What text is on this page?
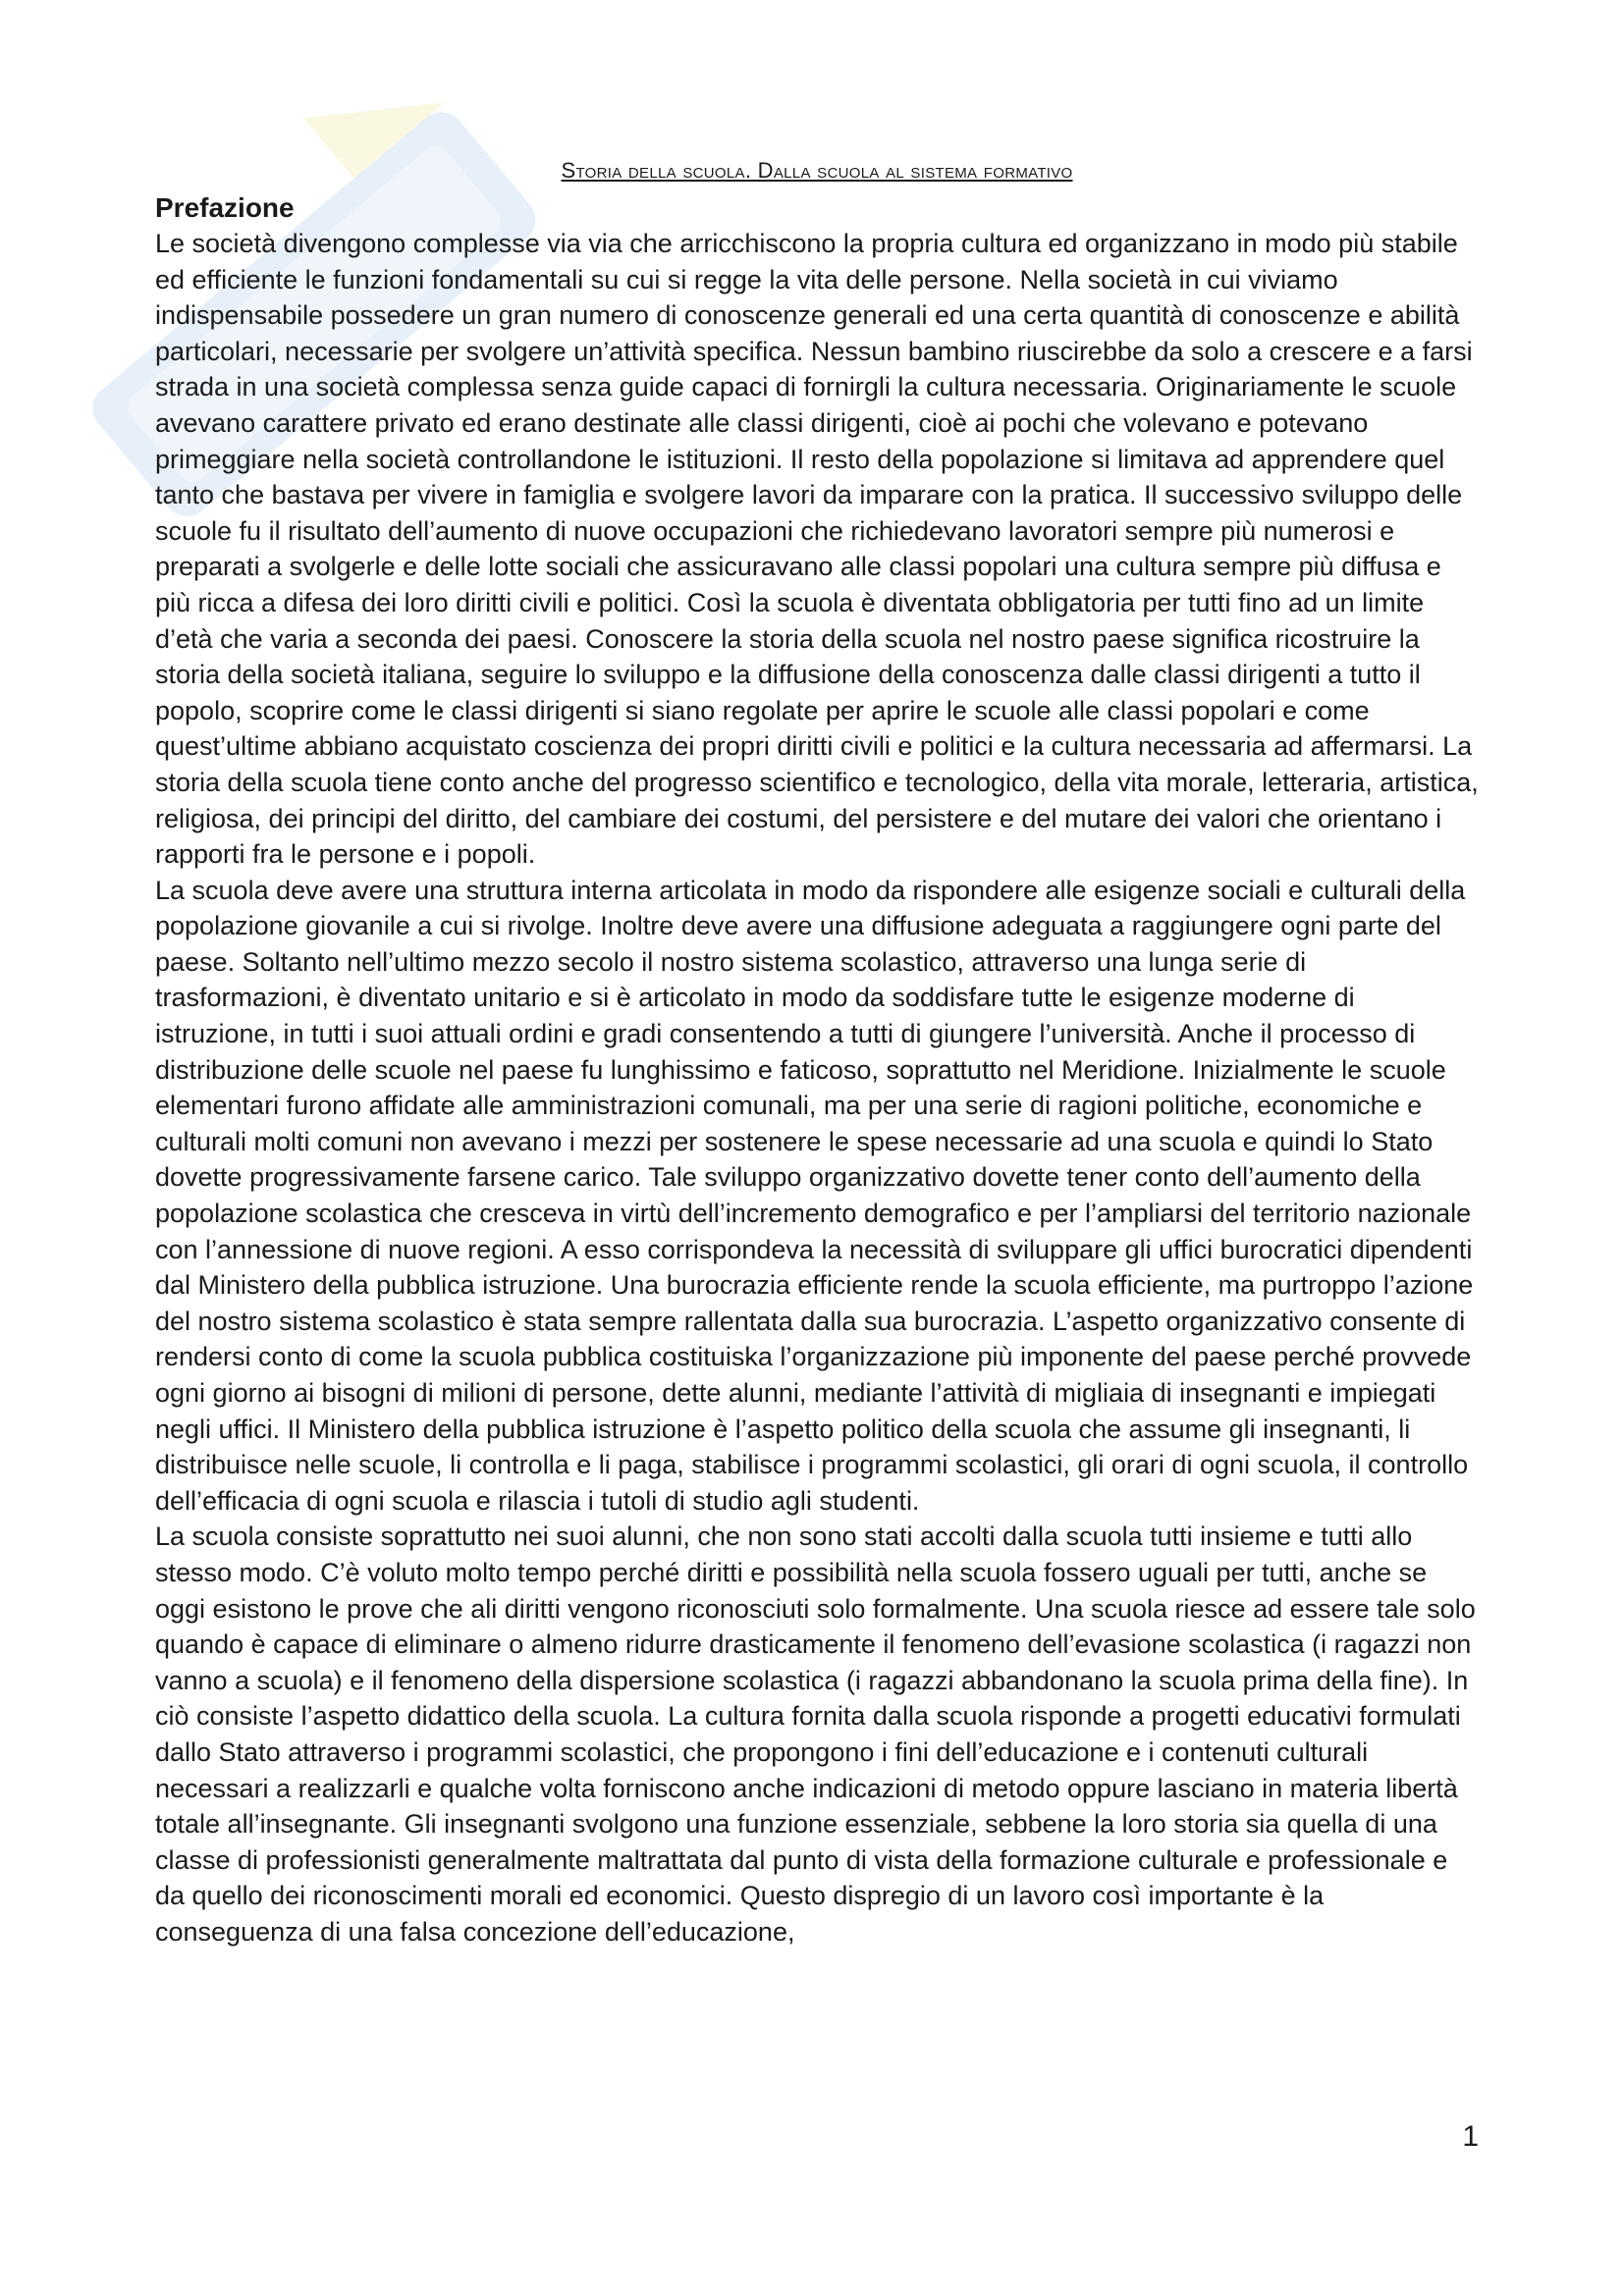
Storia della scuola. Dalla scuola al sistema formativo
Prefazione

Le società divengono complesse via via che arricchiscono la propria cultura ed organizzano in modo più stabile ed efficiente le funzioni fondamentali su cui si regge la vita delle persone. Nella società in cui viviamo indispensabile possedere un gran numero di conoscenze generali ed una certa quantità di conoscenze e abilità particolari, necessarie per svolgere un’attività specifica. Nessun bambino riuscirebbe da solo a crescere e a farsi strada in una società complessa senza guide capaci di fornirgli la cultura necessaria. Originariamente le scuole avevano carattere privato ed erano destinate alle classi dirigenti, cioè ai pochi che volevano e potevano primeggiare nella società controllandone le istituzioni. Il resto della popolazione si limitava ad apprendere quel tanto che bastava per vivere in famiglia e svolgere lavori da imparare con la pratica. Il successivo sviluppo delle scuole fu il risultato dell’aumento di nuove occupazioni che richiedevano lavoratori sempre più numerosi e preparati a svolgerle e delle lotte sociali che assicuravano alle classi popolari una cultura sempre più diffusa e più ricca a difesa dei loro diritti civili e politici. Così la scuola è diventata obbligatoria per tutti fino ad un limite d’età che varia a seconda dei paesi. Conoscere la storia della scuola nel nostro paese significa ricostruire la storia della società italiana, seguire lo sviluppo e la diffusione della conoscenza dalle classi dirigenti a tutto il popolo, scoprire come le classi dirigenti si siano regolate per aprire le scuole alle classi popolari e come quest’ultime abbiano acquistato coscienza dei propri diritti civili e politici e la cultura necessaria ad affermarsi. La storia della scuola tiene conto anche del progresso scientifico e tecnologico, della vita morale, letteraria, artistica, religiosa, dei principi del diritto, del cambiare dei costumi, del persistere e del mutare dei valori che orientano i rapporti fra le persone e i popoli.

La scuola deve avere una struttura interna articolata in modo da rispondere alle esigenze sociali e culturali della popolazione giovanile a cui si rivolge. Inoltre deve avere una diffusione adeguata a raggiungere ogni parte del paese. Soltanto nell’ultimo mezzo secolo il nostro sistema scolastico, attraverso una lunga serie di trasformazioni, è diventato unitario e si è articolato in modo da soddisfare tutte le esigenze moderne di istruzione, in tutti i suoi attuali ordini e gradi consentendo a tutti di giungere l’università. Anche il processo di distribuzione delle scuole nel paese fu lunghissimo e faticoso, soprattutto nel Meridione. Inizialmente le scuole elementari furono affidate alle amministrazioni comunali, ma per una serie di ragioni politiche, economiche e culturali molti comuni non avevano i mezzi per sostenere le spese necessarie ad una scuola e quindi lo Stato dovette progressivamente farsene carico. Tale sviluppo organizzativo dovette tener conto dell’aumento della popolazione scolastica che cresceva in virtù dell’incremento demografico e per l’ampliarsi del territorio nazionale con l’annessione di nuove regioni. A esso corrispondeva la necessità di sviluppare gli uffici burocratici dipendenti dal Ministero della pubblica istruzione. Una burocrazia efficiente rende la scuola efficiente, ma purtroppo l’azione del nostro sistema scolastico è stata sempre rallentata dalla sua burocrazia. L’aspetto organizzativo consente di rendersi conto di come la scuola pubblica costituiska l’organizzazione più imponente del paese perché provvede ogni giorno ai bisogni di milioni di persone, dette alunni, mediante l’attività di migliaia di insegnanti e impiegati negli uffici. Il Ministero della pubblica istruzione è l’aspetto politico della scuola che assume gli insegnanti, li distribuisce nelle scuole, li controlla e li paga, stabilisce i programmi scolastici, gli orari di ogni scuola, il controllo dell’efficacia di ogni scuola e rilascia i tutoli di studio agli studenti.

La scuola consiste soprattutto nei suoi alunni, che non sono stati accolti dalla scuola tutti insieme e tutti allo stesso modo. C’è voluto molto tempo perché diritti e possibilità nella scuola fossero uguali per tutti, anche se oggi esistono le prove che ali diritti vengono riconosciuti solo formalmente. Una scuola riesce ad essere tale solo quando è capace di eliminare o almeno ridurre drasticamente il fenomeno dell’evasione scolastica (i ragazzi non vanno a scuola) e il fenomeno della dispersione scolastica (i ragazzi abbandonano la scuola prima della fine). In ciò consiste l’aspetto didattico della scuola. La cultura fornita dalla scuola risponde a progetti educativi formulati dallo Stato attraverso i programmi scolastici, che propongono i fini dell’educazione e i contenuti culturali necessari a realizzarli e qualche volta forniscono anche indicazioni di metodo oppure lasciano in materia libertà totale all’insegnante. Gli insegnanti svolgono una funzione essenziale, sebbene la loro storia sia quella di una classe di professionisti generalmente maltrattata dal punto di vista della formazione culturale e professionale e da quello dei riconoscimenti morali ed economici. Questo dispregio di un lavoro così importante è la conseguenza di una falsa concezione dell’educazione,

1
